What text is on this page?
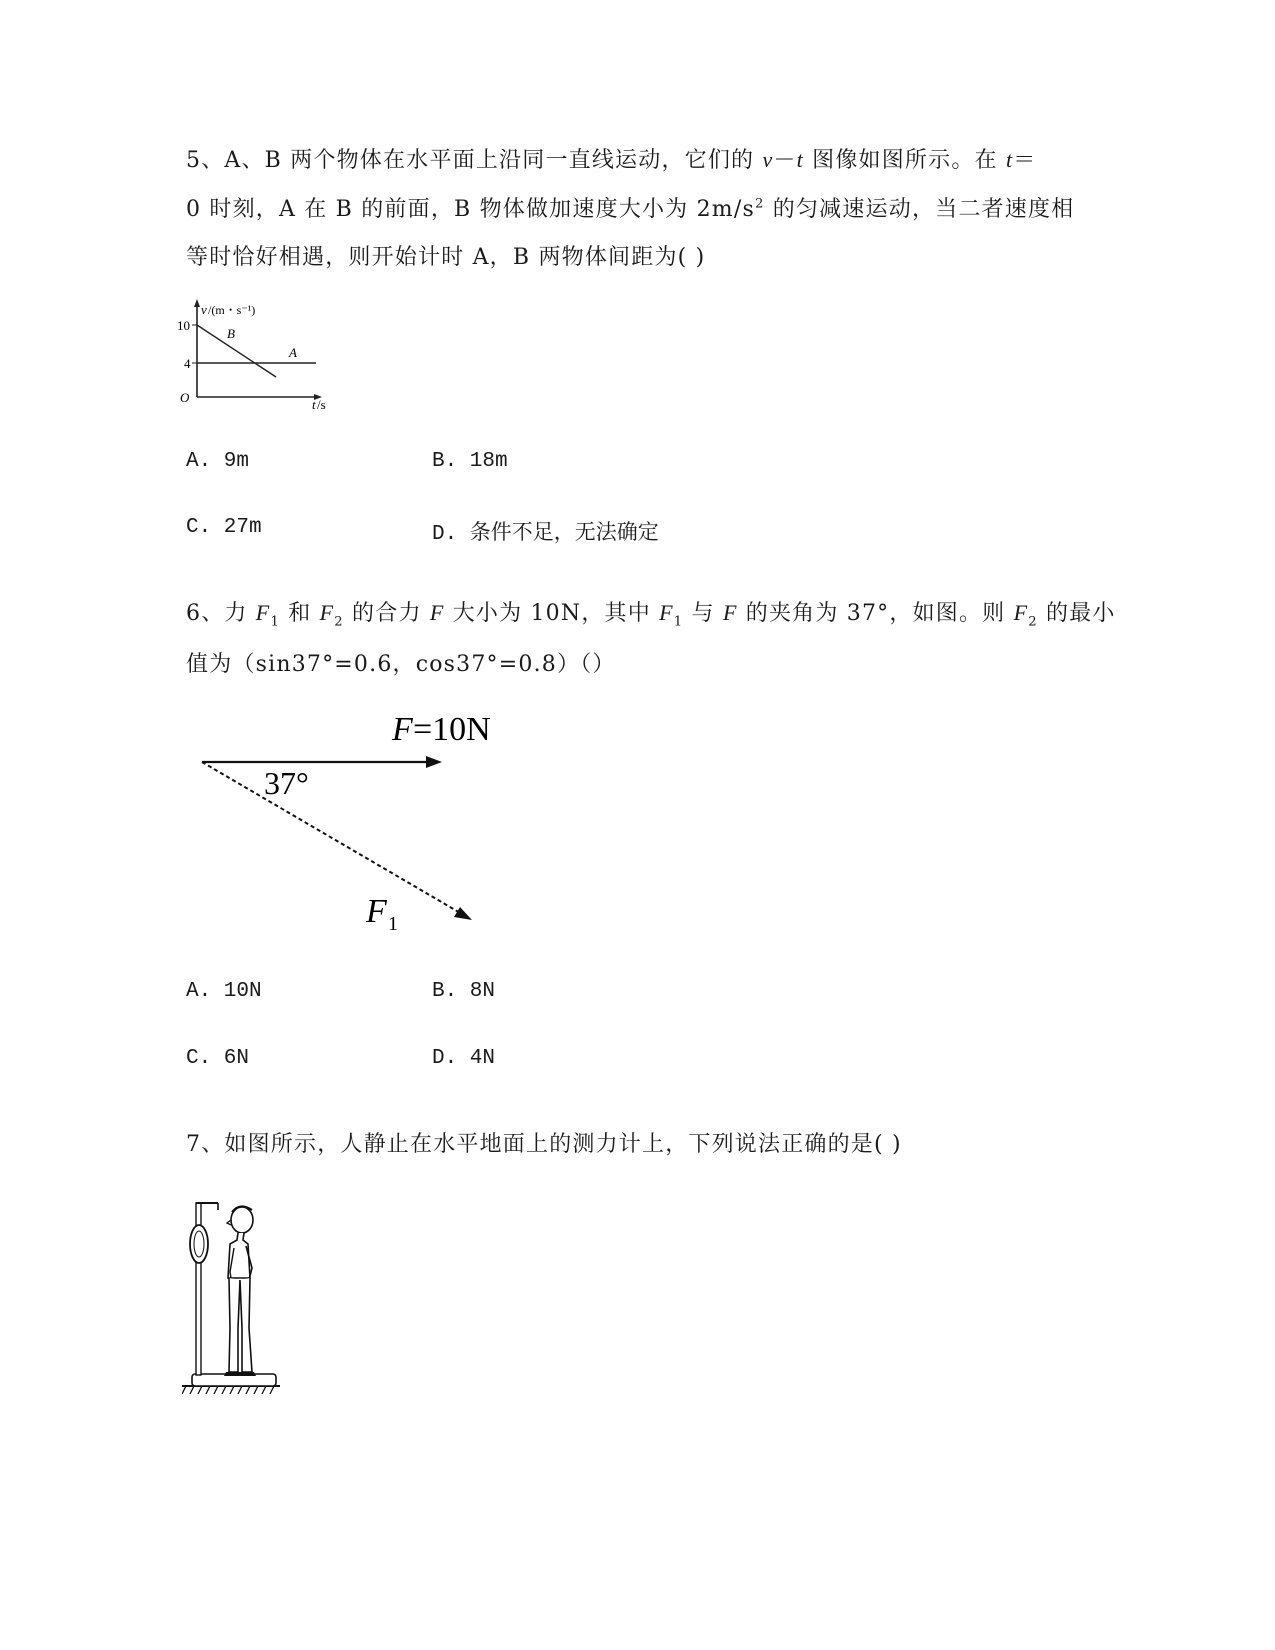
5、A、B 两个物体在水平面上沿同一直线运动，它们的 v－t 图像如图所示。在 t＝
0 时刻，A 在 B 的前面，B 物体做加速度大小为 $2m/s^2$ 的匀减速运动，当二者速度相
等时恰好相遇，则开始计时 A，B 两物体间距为( )
v /(m・s⁻¹)
10
4
O	t /s
B
A
A. 9m	B. 18m
C. 27m	D. 条件不足，无法确定
6、力 $F_1$ 和 $F_2$ 的合力 F 大小为 10N，其中 $F_1$ 与 F 的夹角为 37°，如图。则 $F_2$ 的最小
值为（sin37°=0.6，cos37°=0.8）（）
F =10N
37°
F 1
A. 10N	B. 8N
C. 6N	D. 4N
7、如图所示，人静止在水平地面上的测力计上，下列说法正确的是( )
